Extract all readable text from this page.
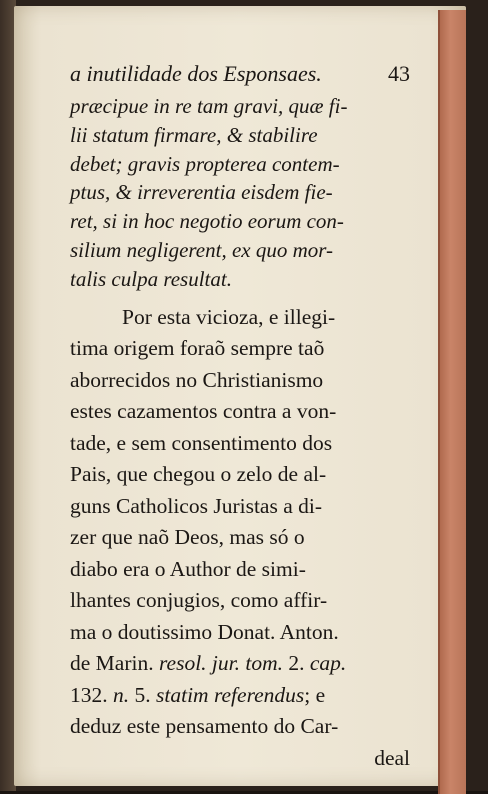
a inutilidade dos Esponsaes.	43
præcipue in re tam gravi, quæ fi-
lii statum firmare, & stabilire
debet; gravis propterea contem-
ptus, & irreverentia eisdem fie-
ret, si in hoc negotio eorum con-
silium negligerent, ex quo mor-
talis culpa resultat.
Por esta vicioza, e illegi-
tima origem foraõ sempre taõ
aborrecidos no Christianismo
estes cazamentos contra a von-
tade, e sem consentimento dos
Pais, que chegou o zelo de al-
guns Catholicos Juristas a di-
zer que naõ Deos, mas só o
diabo era o Author de simi-
lhantes conjugios, como affir-
ma o doutissimo Donat. Anton.
de Marin. resol. jur. tom. 2. cap.
132. n. 5. statim referendus; e
deduz este pensamento do Car-
deal
